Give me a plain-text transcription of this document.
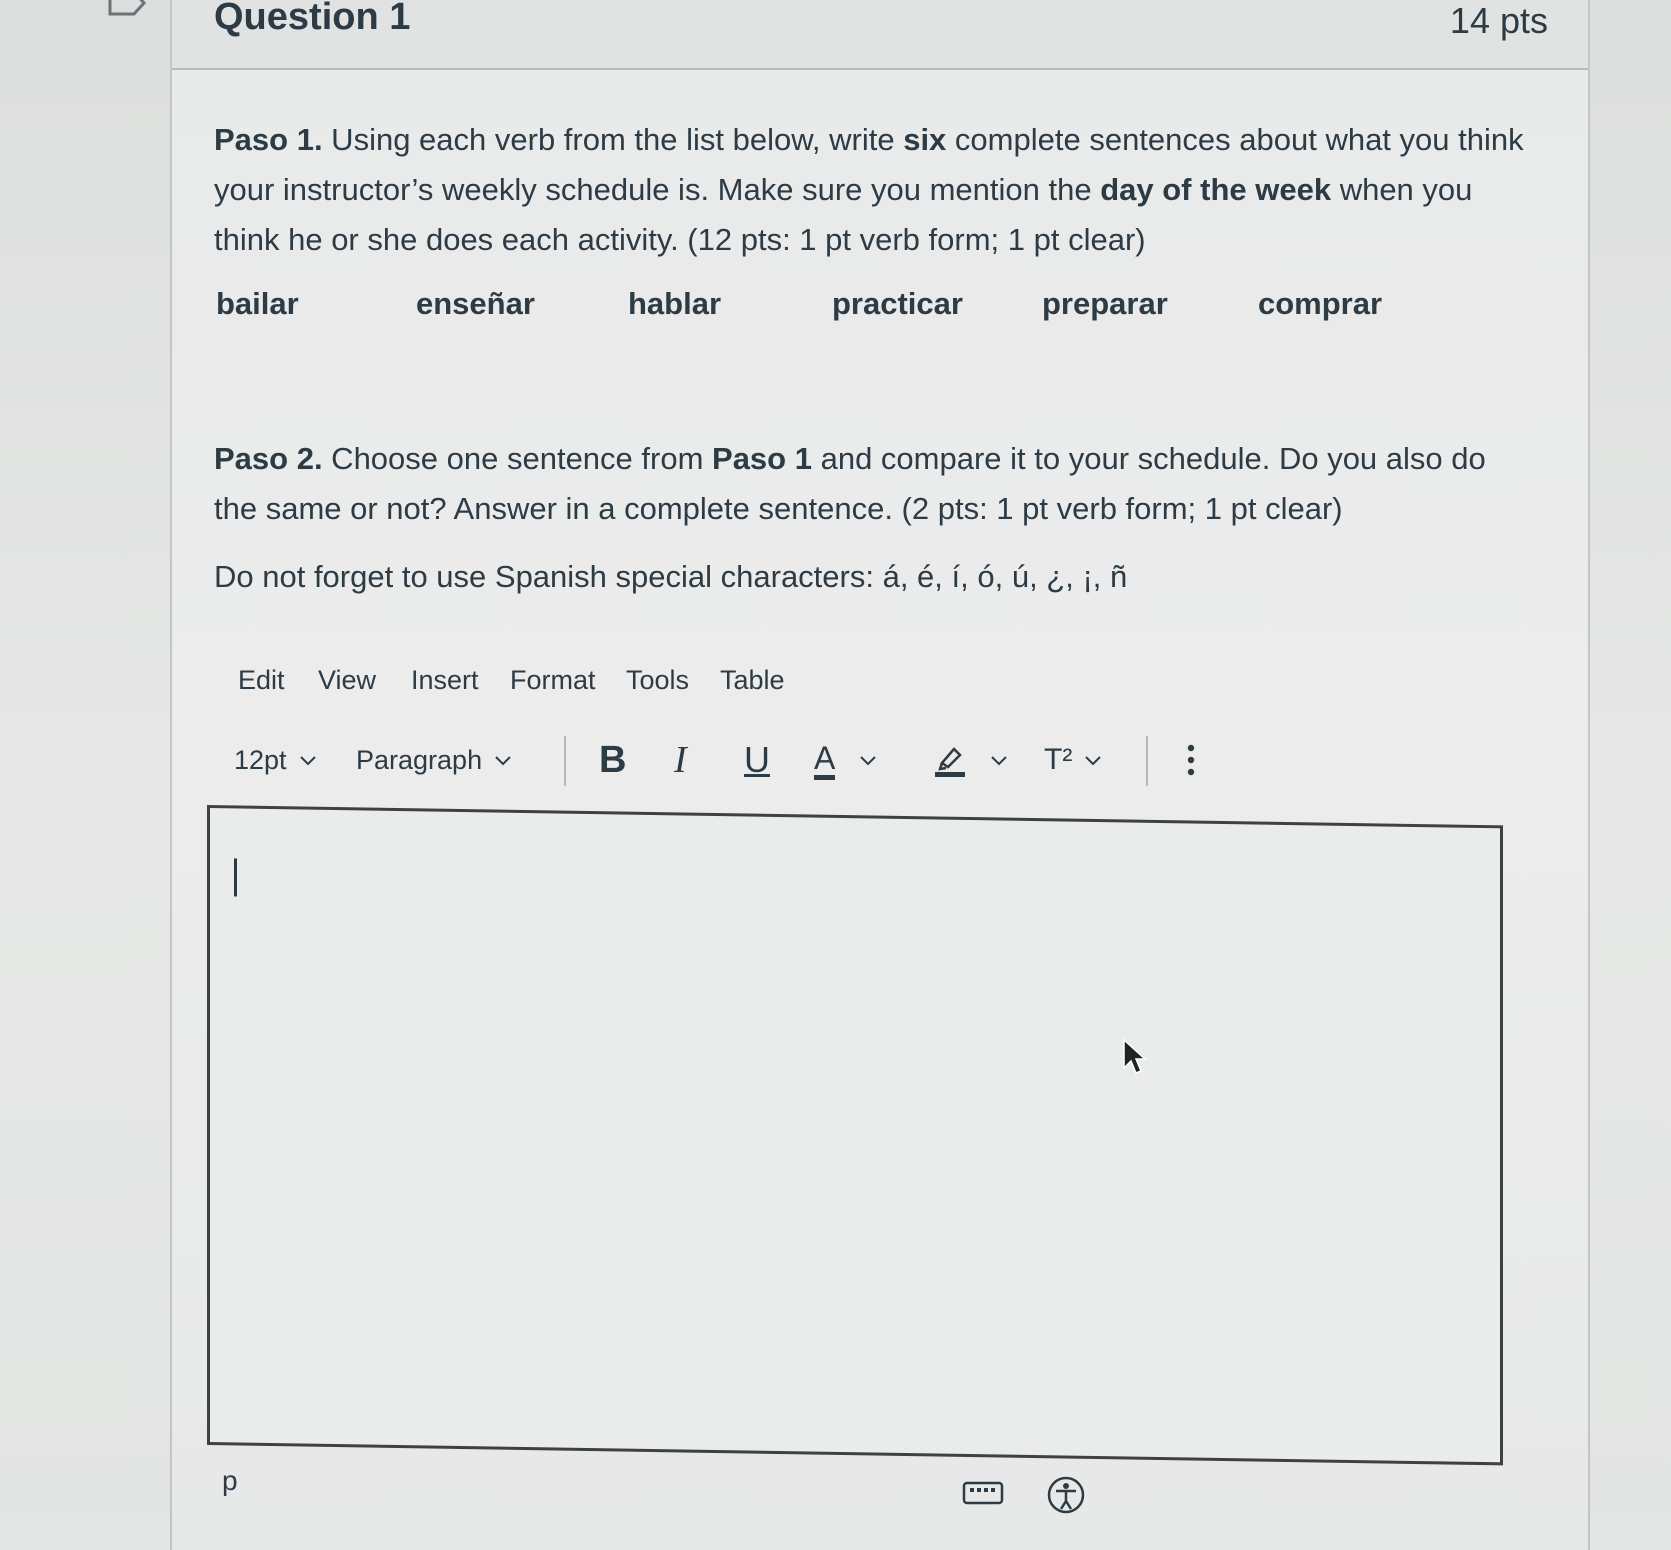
Question 1	14 pts
Paso 1. Using each verb from the list below, write six complete sentences about what you think your instructor’s weekly schedule is. Make sure you mention the day of the week when you think he or she does each activity. (12 pts: 1 pt verb form; 1 pt clear)
bailar	enseñar	hablar	practicar	preparar	comprar
Paso 2. Choose one sentence from Paso 1 and compare it to your schedule. Do you also do the same or not? Answer in a complete sentence. (2 pts: 1 pt verb form; 1 pt clear)
Do not forget to use Spanish special characters: á, é, í, ó, ú, ¿, ¡, ñ
Edit View Insert Format Tools Table
12pt	Paragraph	B I U A	T²
p
